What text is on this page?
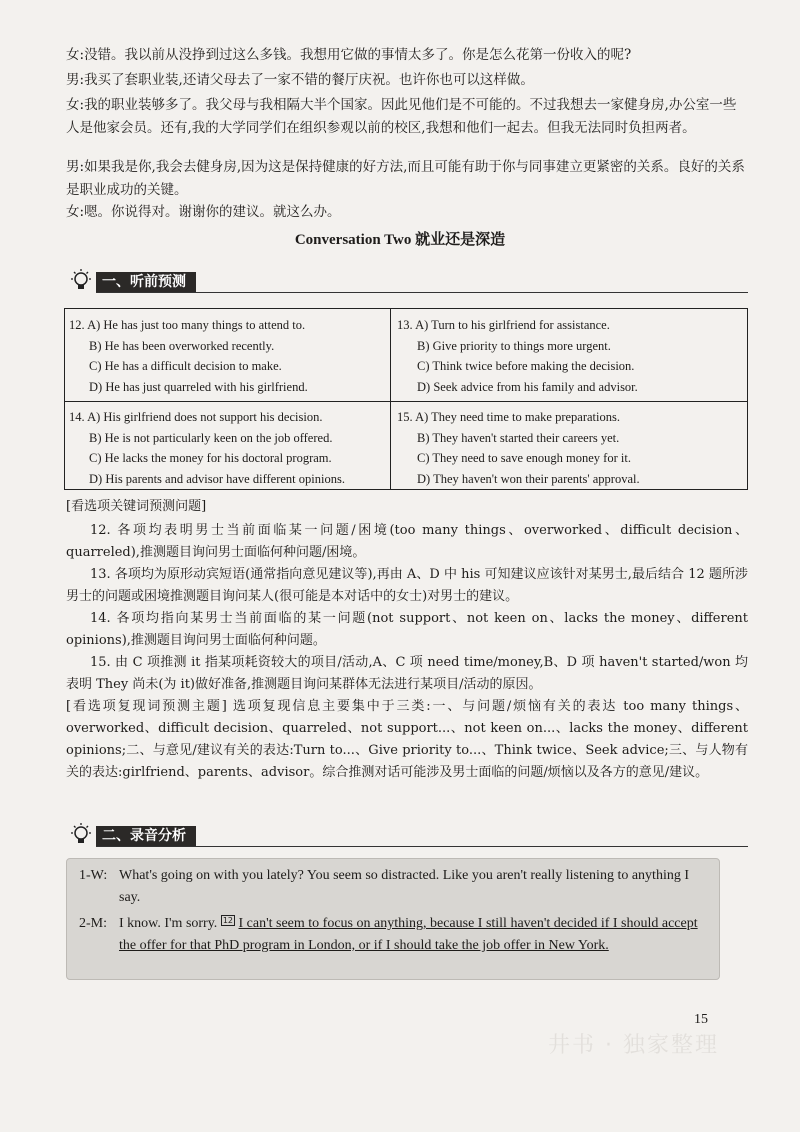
女:没错。我以前从没挣到过这么多钱。我想用它做的事情太多了。你是怎么花第一份收入的呢?
男:我买了套职业装,还请父母去了一家不错的餐厅庆祝。也许你也可以这样做。
女:我的职业装够多了。我父母与我相隔大半个国家。因此见他们是不可能的。不过我想去一家健身房,办公室一些人是他家会员。还有,我的大学同学们在组织参观以前的校区,我想和他们一起去。但我无法同时负担两者。
男:如果我是你,我会去健身房,因为这是保持健康的好方法,而且可能有助于你与同事建立更紧密的关系。良好的关系是职业成功的关键。
女:嗯。你说得对。谢谢你的建议。就这么办。
Conversation Two 就业还是深造
一、听前预测
12. A) He has just too many things to attend to.
B) He has been overworked recently.
C) He has a difficult decision to make.
D) He has just quarreled with his girlfriend.
13. A) Turn to his girlfriend for assistance.
B) Give priority to things more urgent.
C) Think twice before making the decision.
D) Seek advice from his family and advisor.
14. A) His girlfriend does not support his decision.
B) He is not particularly keen on the job offered.
C) He lacks the money for his doctoral program.
D) His parents and advisor have different opinions.
15. A) They need time to make preparations.
B) They haven't started their careers yet.
C) They need to save enough money for it.
D) They haven't won their parents' approval.
[看选项关键词预测问题]
12. 各项均表明男士当前面临某一问题/困境(too many things、overworked、difficult decision、quarreled),推测题目询问男士面临何种问题/困境。
13. 各项均为原形动宾短语(通常指向意见建议等),再由 A、D 中 his 可知建议应该针对某男士,最后结合 12 题所涉男士的问题或困境推测题目询问某人(很可能是本对话中的女士)对男士的建议。
14. 各项均指向某男士当前面临的某一问题(not support、not keen on、lacks the money、different opinions),推测题目询问男士面临何种问题。
15. 由 C 项推测 it 指某项耗资较大的项目/活动,A、C 项 need time/money,B、D 项 haven't started/won 均表明 They 尚未(为 it)做好准备,推测题目询问某群体无法进行某项目/活动的原因。
[看选项复现词预测主题] 选项复现信息主要集中于三类:一、与问题/烦恼有关的表达 too many things、overworked、difficult decision、quarreled、not support...、not keen on...、lacks the money、different opinions;二、与意见/建议有关的表达:Turn to...、Give priority to...、Think twice、Seek advice;三、与人物有关的表达:girlfriend、parents、advisor。综合推测对话可能涉及男士面临的问题/烦恼以及各方的意见/建议。
二、录音分析
1-W: What's going on with you lately? You seem so distracted. Like you aren't really listening to anything I say.
2-M: I know. I'm sorry. 12 I can't seem to focus on anything, because I still haven't decided if I should accept the offer for that PhD program in London, or if I should take the job offer in New York.
15
井书 · 独家整理
